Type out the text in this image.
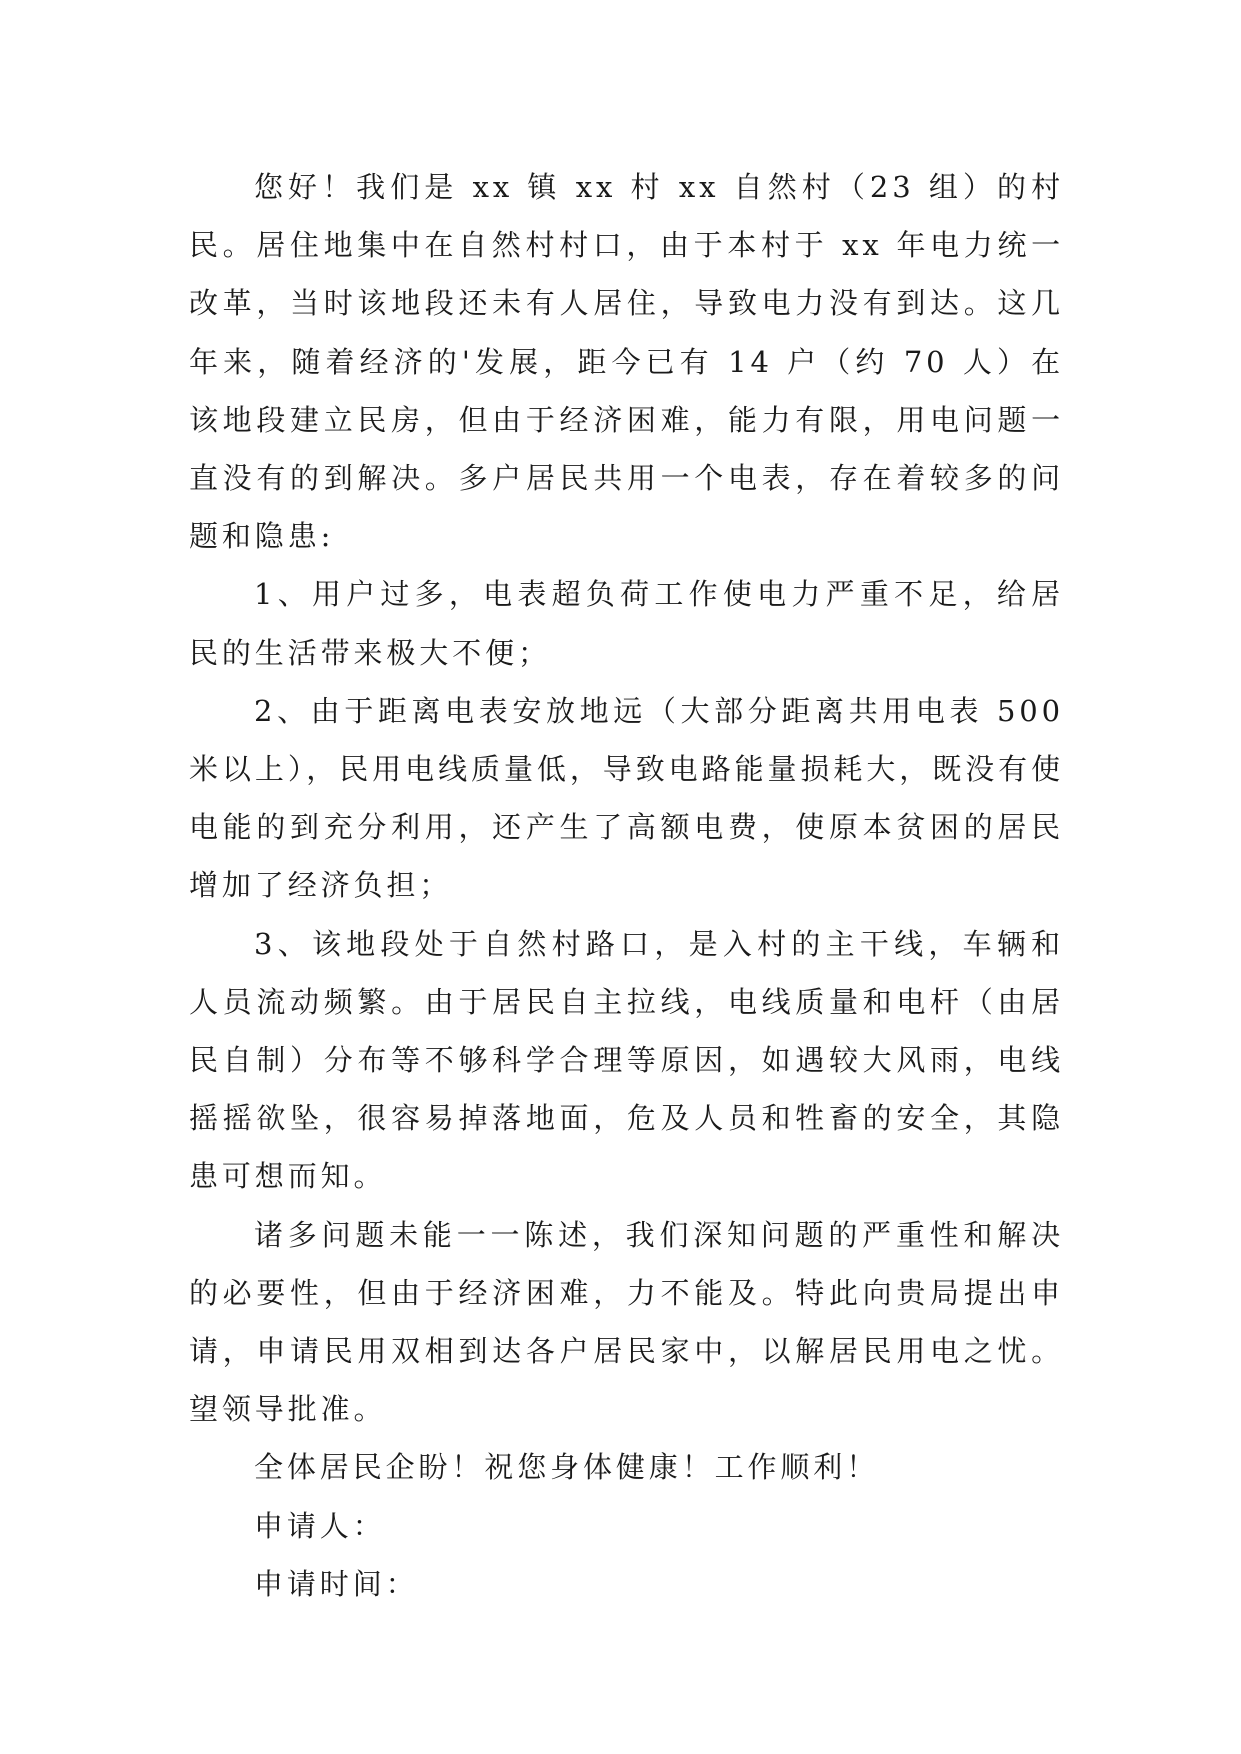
您好！我们是 xx 镇 xx 村 xx 自然村（23 组）的村民。居住地集中在自然村村口，由于本村于 xx 年电力统一改革，当时该地段还未有人居住，导致电力没有到达。这几年来，随着经济的'发展，距今已有 14 户（约 70 人）在该地段建立民房，但由于经济困难，能力有限，用电问题一直没有的到解决。多户居民共用一个电表，存在着较多的问题和隐患:

1、用户过多，电表超负荷工作使电力严重不足，给居民的生活带来极大不便；

2、由于距离电表安放地远（大部分距离共用电表 500 米以上），民用电线质量低，导致电路能量损耗大，既没有使电能的到充分利用，还产生了高额电费，使原本贫困的居民增加了经济负担；

3、该地段处于自然村路口，是入村的主干线，车辆和人员流动频繁。由于居民自主拉线，电线质量和电杆（由居民自制）分布等不够科学合理等原因，如遇较大风雨，电线摇摇欲坠，很容易掉落地面，危及人员和牲畜的安全，其隐患可想而知。

诸多问题未能一一陈述，我们深知问题的严重性和解决的必要性，但由于经济困难，力不能及。特此向贵局提出申请，申请民用双相到达各户居民家中，以解居民用电之忧。望领导批准。

全体居民企盼！祝您身体健康！工作顺利！

申请人：

申请时间：
